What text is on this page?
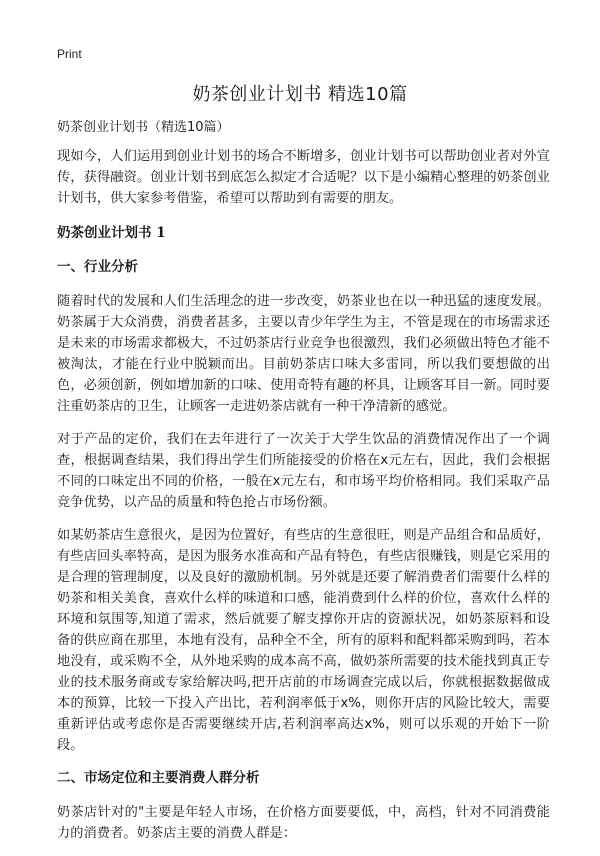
Print
奶茶创业计划书 精选10篇

奶茶创业计划书（精选10篇）

现如今，人们运用到创业计划书的场合不断增多，创业计划书可以帮助创业者对外宣传，获得融资。创业计划书到底怎么拟定才合适呢？以下是小编精心整理的奶茶创业计划书，供大家参考借鉴，希望可以帮助到有需要的朋友。

奶茶创业计划书 1
一、行业分析

随着时代的发展和人们生活理念的进一步改变，奶茶业也在以一种迅猛的速度发展。奶茶属于大众消费，消费者甚多，主要以青少年学生为主，不管是现在的市场需求还是未来的市场需求都极大，不过奶茶店行业竞争也很激烈，我们必须做出特色才能不被淘汰，才能在行业中脱颖而出。目前奶茶店口味大多雷同，所以我们要想做的出色，必须创新，例如增加新的口味、使用奇特有趣的杯具，让顾客耳目一新。同时要注重奶茶店的卫生，让顾客一走进奶茶店就有一种干净清新的感觉。

对于产品的定价，我们在去年进行了一次关于大学生饮品的消费情况作出了一个调查，根据调查结果，我们得出学生们所能接受的价格在x元左右，因此，我们会根据不同的口味定出不同的价格，一般在x元左右，和市场平均价格相同。我们采取产品竞争优势，以产品的质量和特色抢占市场份额。

如某奶茶店生意很火，是因为位置好，有些店的生意很旺，则是产品组合和品质好，有些店回头率特高，是因为服务水准高和产品有特色，有些店很赚钱，则是它采用的是合理的管理制度，以及良好的激励机制。另外就是还要了解消费者们需要什么样的奶茶和相关美食，喜欢什么样的味道和口感，能消费到什么样的价位，喜欢什么样的环境和氛围等,知道了需求，然后就要了解支撑你开店的资源状况，如奶茶原料和设备的供应商在那里，本地有没有，品种全不全，所有的原料和配料都采购到吗，若本地没有，或采购不全，从外地采购的成本高不高，做奶茶所需要的技术能找到真正专业的技术服务商或专家给解决吗,把开店前的市场调查完成以后，你就根据数据做成本的预算，比较一下投入产出比，若利润率低于x%，则你开店的风险比较大，需要重新评估或考虑你是否需要继续开店,若利润率高达x%，则可以乐观的开始下一阶段。

二、市场定位和主要消费人群分析

奶茶店针对的"主要是年轻人市场，在价格方面要要低，中，高档，针对不同消费能力的消费者。奶茶店主要的消费人群是：
